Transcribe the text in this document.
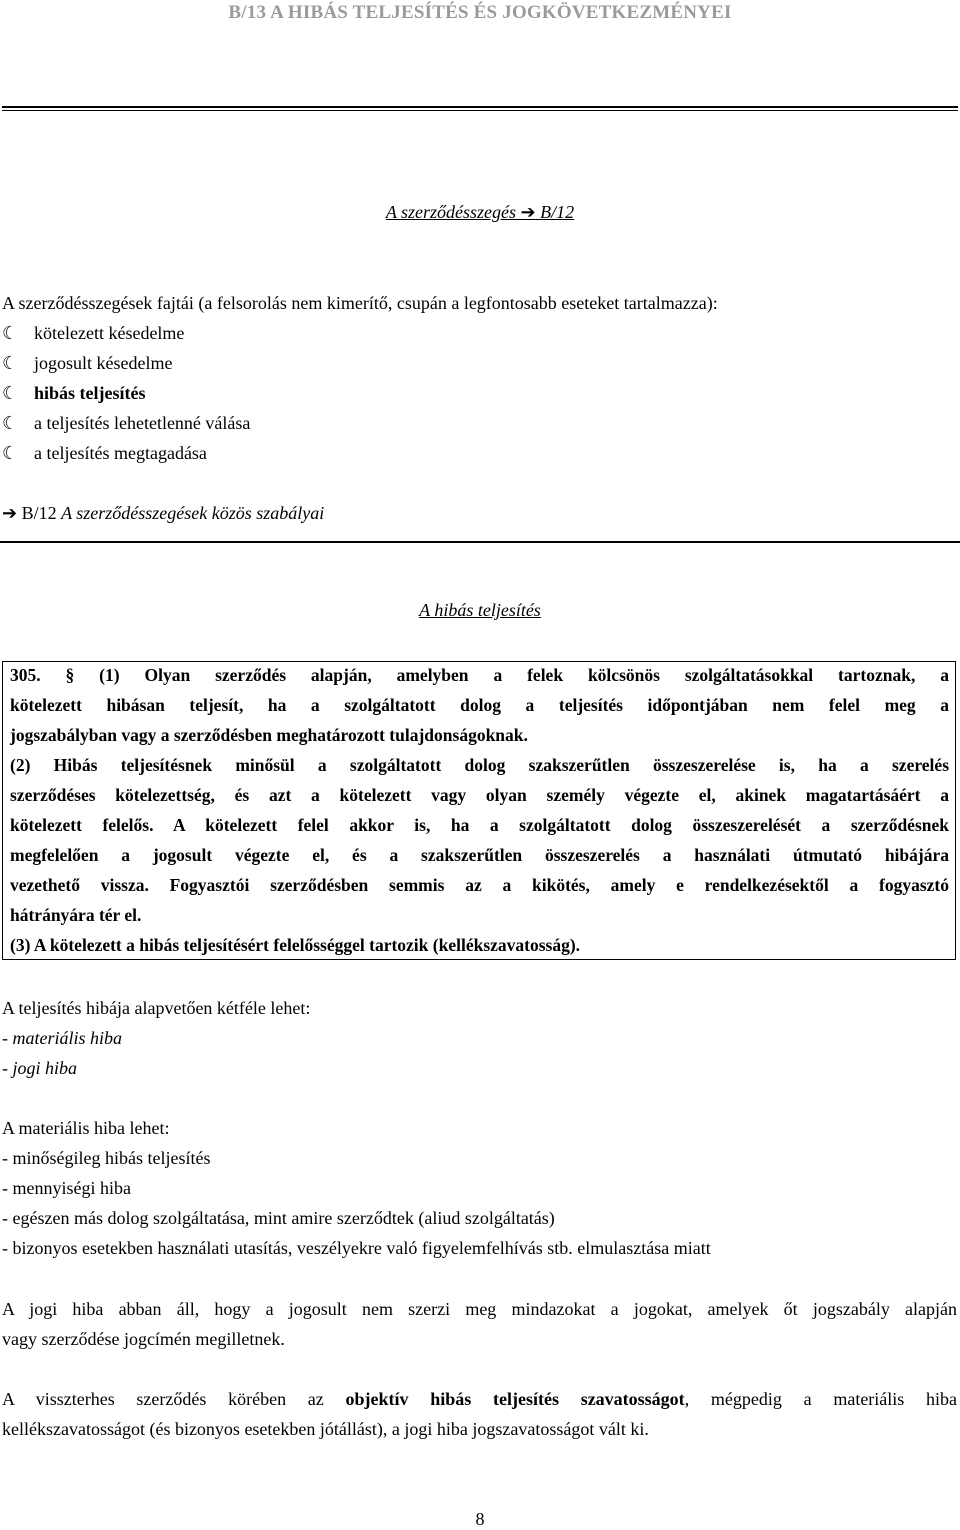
B/13 A HIBÁS TELJESÍTÉS ÉS JOGKÖVETKEZMÉNYEI
A szerződésszegés ➔ B/12
A szerződésszegések fajtái (a felsorolás nem kimerítő, csupán a legfontosabb eseteket tartalmazza):
☾ kötelezett késedelme
☾ jogosult késedelme
☾ hibás teljesítés
☾ a teljesítés lehetetlenné válása
☾ a teljesítés megtagadása
➔ B/12 A szerződésszegések közös szabályai
A hibás teljesítés
305. § (1) Olyan szerződés alapján, amelyben a felek kölcsönös szolgáltatásokkal tartoznak, a
kötelezett hibásan teljesít, ha a szolgáltatott dolog a teljesítés időpontjában nem felel meg a
jogszabályban vagy a szerződésben meghatározott tulajdonságoknak.
(2) Hibás teljesítésnek minősül a szolgáltatott dolog szakszerűtlen összeszerelése is, ha a szerelés
szerződéses kötelezettség, és azt a kötelezett vagy olyan személy végezte el, akinek magatartásáért a
kötelezett felelős. A kötelezett felel akkor is, ha a szolgáltatott dolog összeszerelését a szerződésnek
megfelelően a jogosult végezte el, és a szakszerűtlen összeszerelés a használati útmutató hibájára
vezethető vissza. Fogyasztói szerződésben semmis az a kikötés, amely e rendelkezésektől a fogyasztó
hátrányára tér el.
(3) A kötelezett a hibás teljesítésért felelősséggel tartozik (kellékszavatosság).
A teljesítés hibája alapvetően kétféle lehet:
- materiális hiba
- jogi hiba
A materiális hiba lehet:
- minőségileg hibás teljesítés
- mennyiségi hiba
- egészen más dolog szolgáltatása, mint amire szerződtek (aliud szolgáltatás)
- bizonyos esetekben használati utasítás, veszélyekre való figyelemfelhívás stb. elmulasztása miatt
A jogi hiba abban áll, hogy a jogosult nem szerzi meg mindazokat a jogokat, amelyek őt jogszabály alapján
vagy szerződése jogcímén megilletnek.
A visszterhes szerződés körében az objektív hibás teljesítés szavatosságot, mégpedig a materiális hiba
kellékszavatosságot (és bizonyos esetekben jótállást), a jogi hiba jogszavatosságot vált ki.
8
